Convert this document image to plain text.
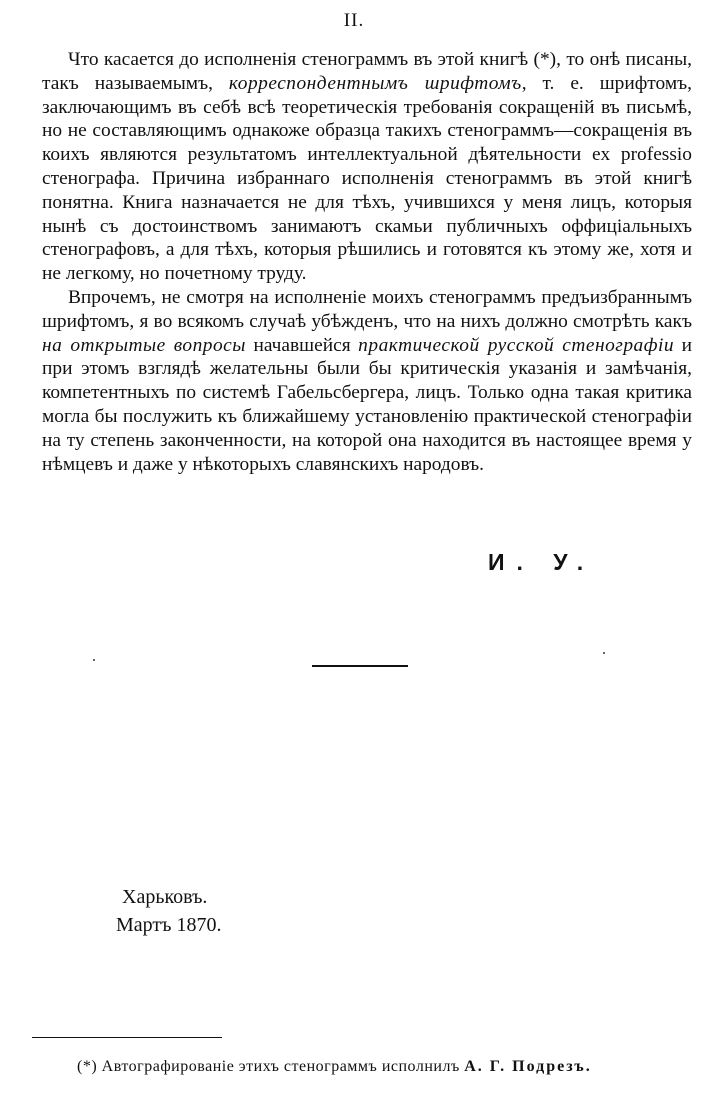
II.

Что касается до исполненія стенограммъ въ этой книгѣ (*), то онѣ писаны, такъ называемымъ, корреспондентнымъ шрифтомъ, т. е. шрифтомъ, заключающимъ въ себѣ всѣ теоретическія требованія сокращеній въ письмѣ, но не составляющимъ однакоже образца такихъ стенограммъ—сокращенія въ коихъ являются результатомъ интеллектуальной дѣятельности ex professio стенографа. Причина избраннаго исполненія стенограммъ въ этой книгѣ понятна. Книга назначается не для тѣхъ, учившихся у меня лицъ, которыя нынѣ съ достоинствомъ занимаютъ скамьи публичныхъ оффиціальныхъ стенографовъ, а для тѣхъ, которыя рѣшились и готовятся къ этому же, хотя и не легкому, но почетному труду.

Впрочемъ, не смотря на исполненіе моихъ стенограммъ предъизбраннымъ шрифтомъ, я во всякомъ случаѣ убѣжденъ, что на нихъ должно смотрѣть какъ на открытые вопросы начавшейся практической русской стенографіи и при этомъ взглядѣ желательны были бы критическія указанія и замѣчанія, компетентныхъ по системѣ Габельсбергера, лицъ. Только одна такая критика могла бы послужить къ ближайшему установленію практической стенографіи на ту степень законченности, на которой она находится въ настоящее время у нѣмцевъ и даже у нѣкоторыхъ славянскихъ народовъ.

И. У.

Харьковъ.

Мартъ 1870.

(*) Автографированіе этихъ стенограммъ исполнилъ А. Г. Подрезъ.
